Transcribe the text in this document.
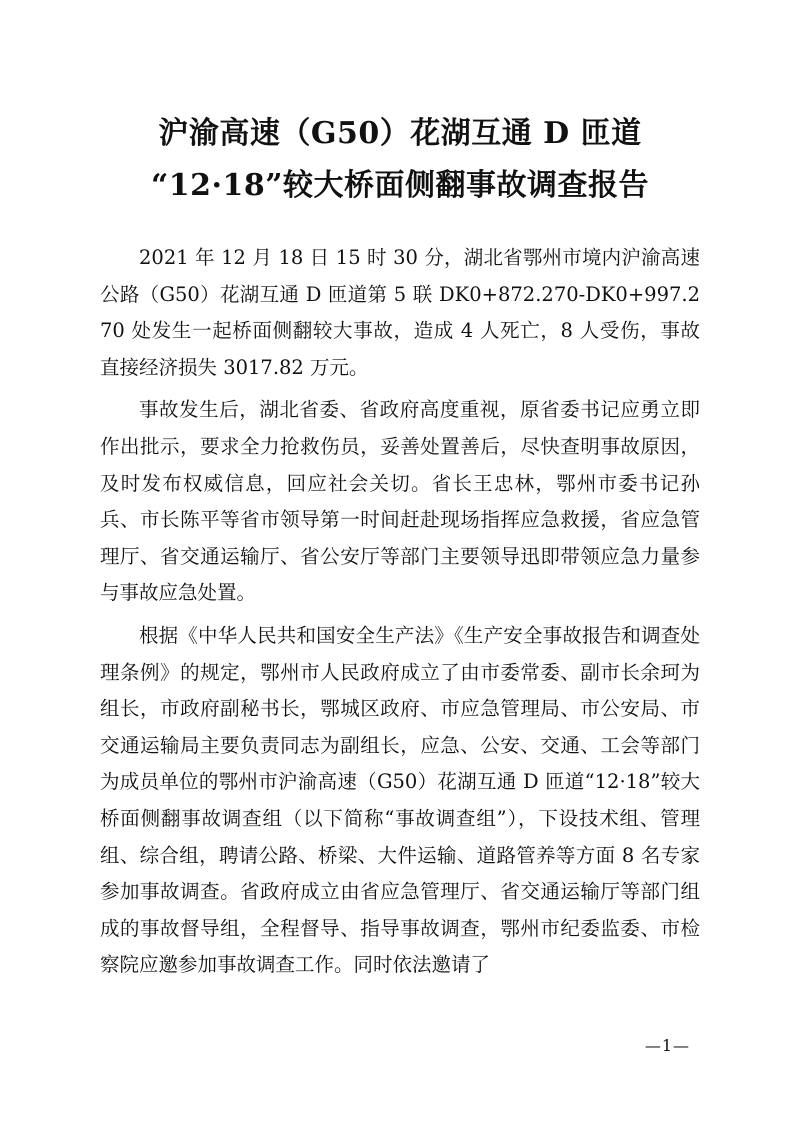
沪渝高速（G50）花湖互通 D 匝道
“12·18”较大桥面侧翻事故调查报告

2021 年 12 月 18 日 15 时 30 分，湖北省鄂州市境内沪渝高速公路（G50）花湖互通 D 匝道第 5 联 DK0+872.270-DK0+997.270 处发生一起桥面侧翻较大事故，造成 4 人死亡，8 人受伤，事故直接经济损失 3017.82 万元。

事故发生后，湖北省委、省政府高度重视，原省委书记应勇立即作出批示，要求全力抢救伤员，妥善处置善后，尽快查明事故原因，及时发布权威信息，回应社会关切。省长王忠林，鄂州市委书记孙兵、市长陈平等省市领导第一时间赶赴现场指挥应急救援，省应急管理厅、省交通运输厅、省公安厅等部门主要领导迅即带领应急力量参与事故应急处置。

根据《中华人民共和国安全生产法》《生产安全事故报告和调查处理条例》的规定，鄂州市人民政府成立了由市委常委、副市长余珂为组长，市政府副秘书长，鄂城区政府、市应急管理局、市公安局、市交通运输局主要负责同志为副组长，应急、公安、交通、工会等部门为成员单位的鄂州市沪渝高速（G50）花湖互通 D 匝道“12·18”较大桥面侧翻事故调查组（以下简称“事故调查组”），下设技术组、管理组、综合组，聘请公路、桥梁、大件运输、道路管养等方面 8 名专家参加事故调查。省政府成立由省应急管理厅、省交通运输厅等部门组成的事故督导组，全程督导、指导事故调查，鄂州市纪委监委、市检察院应邀参加事故调查工作。同时依法邀请了

—1—
